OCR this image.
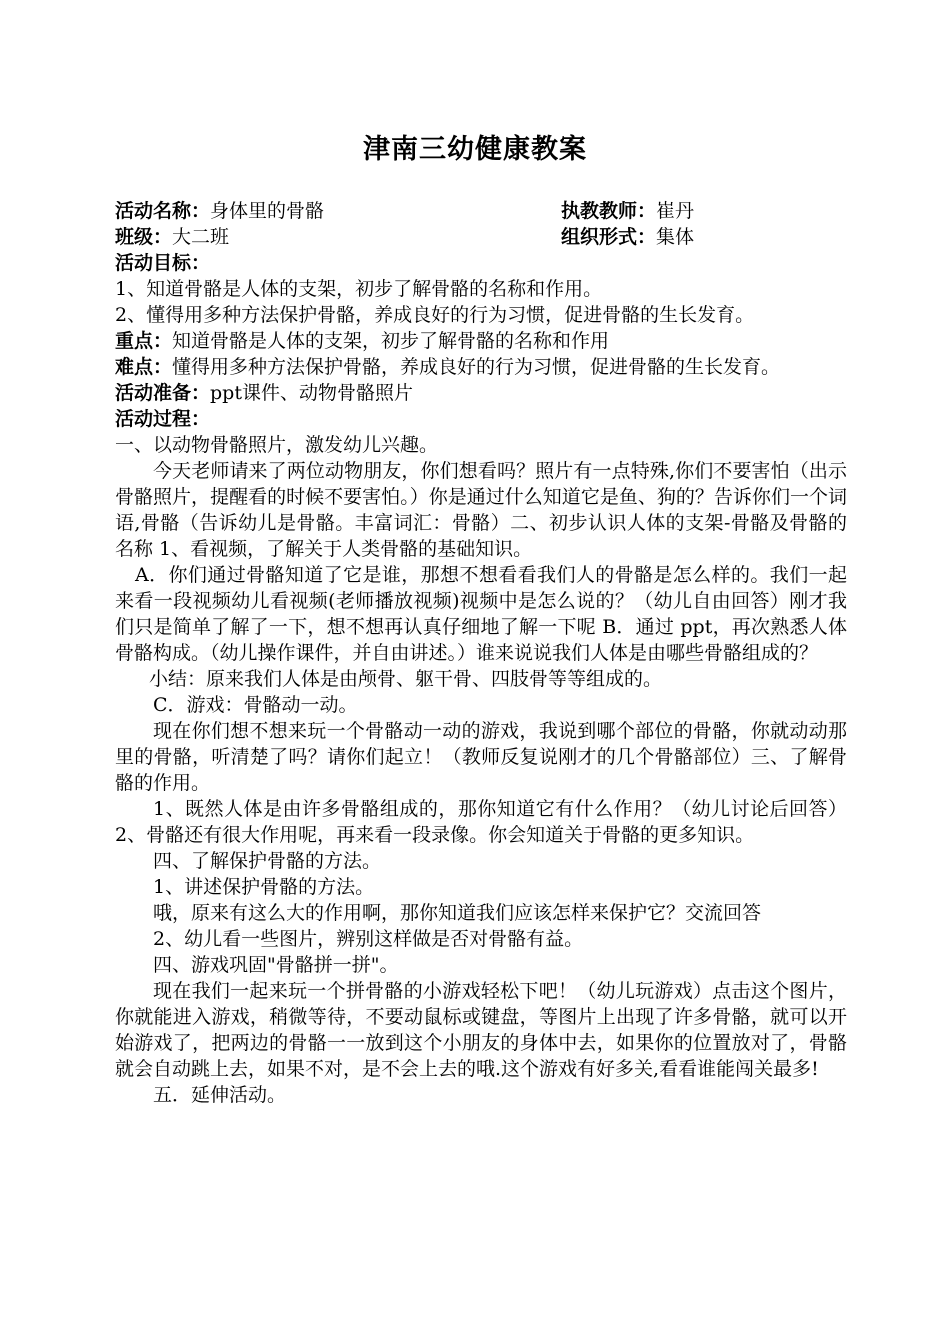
津南三幼健康教案
活动名称：身体里的骨骼	执教教师：崔丹
班级：大二班	组织形式：集体

活动目标：

1、知道骨骼是人体的支架，初步了解骨骼的名称和作用。

2、懂得用多种方法保护骨骼，养成良好的行为习惯，促进骨骼的生长发育。

重点：知道骨骼是人体的支架，初步了解骨骼的名称和作用

难点：懂得用多种方法保护骨骼，养成良好的行为习惯，促进骨骼的生长发育。

活动准备：ppt课件、动物骨骼照片

活动过程：

一、以动物骨骼照片，激发幼儿兴趣。

今天老师请来了两位动物朋友，你们想看吗？照片有一点特殊,你们不要害怕（出示骨骼照片，提醒看的时候不要害怕。）你是通过什么知道它是鱼、狗的？告诉你们一个词语,骨骼（告诉幼儿是骨骼。丰富词汇：骨骼）二、初步认识人体的支架-骨骼及骨骼的名称 1、看视频，了解关于人类骨骼的基础知识。

A．你们通过骨骼知道了它是谁，那想不想看看我们人的骨骼是怎么样的。我们一起来看一段视频幼儿看视频(老师播放视频)视频中是怎么说的？（幼儿自由回答）刚才我们只是简单了解了一下，想不想再认真仔细地了解一下呢 B．通过 ppt，再次熟悉人体骨骼构成。（幼儿操作课件，并自由讲述。）谁来说说我们人体是由哪些骨骼组成的？

小结：原来我们人体是由颅骨、躯干骨、四肢骨等等组成的。

C．游戏：骨骼动一动。

现在你们想不想来玩一个骨骼动一动的游戏，我说到哪个部位的骨骼，你就动动那里的骨骼，听清楚了吗？请你们起立！（教师反复说刚才的几个骨骼部位）三、了解骨骼的作用。

1、既然人体是由许多骨骼组成的，那你知道它有什么作用？（幼儿讨论后回答）2、骨骼还有很大作用呢，再来看一段录像。你会知道关于骨骼的更多知识。

四、了解保护骨骼的方法。

1、讲述保护骨骼的方法。

哦，原来有这么大的作用啊，那你知道我们应该怎样来保护它？交流回答

2、幼儿看一些图片，辨别这样做是否对骨骼有益。

四、游戏巩固"骨骼拼一拼"。

现在我们一起来玩一个拼骨骼的小游戏轻松下吧！（幼儿玩游戏）点击这个图片，你就能进入游戏，稍微等待，不要动鼠标或键盘，等图片上出现了许多骨骼，就可以开始游戏了，把两边的骨骼一一放到这个小朋友的身体中去，如果你的位置放对了，骨骼就会自动跳上去，如果不对，是不会上去的哦.这个游戏有好多关,看看谁能闯关最多!

五．延伸活动。
